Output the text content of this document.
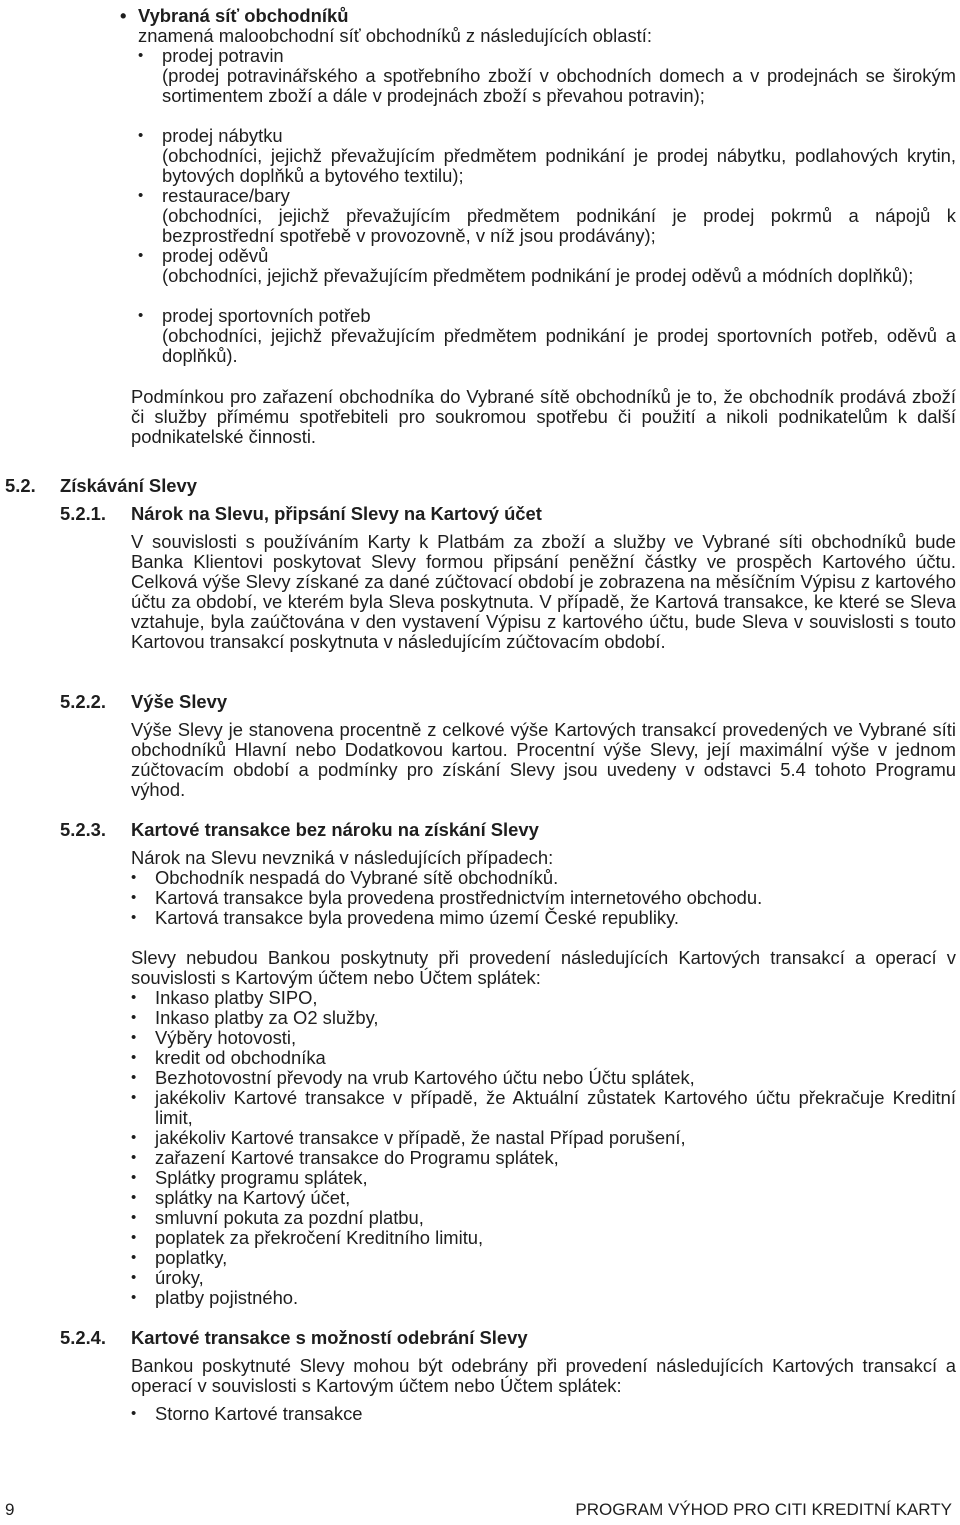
• Vybraná síť obchodníků
znamená maloobchodní síť obchodníků z následujících oblastí:
• prodej potravin
(prodej potravinářského a spotřebního zboží v obchodních domech a v prodejnách se širokým sortimentem zboží a dále v prodejnách zboží s převahou potravin);
• prodej nábytku
(obchodníci, jejichž převažujícím předmětem podnikání je prodej nábytku, podlahových krytin, bytových doplňků a bytového textilu);
• restaurace/bary
(obchodníci, jejichž převažujícím předmětem podnikání je prodej pokrmů a nápojů k bezprostřední spotřebě v provozovně, v níž jsou prodávány);
• prodej oděvů
(obchodníci, jejichž převažujícím předmětem podnikání je prodej oděvů a módních doplňků);
• prodej sportovních potřeb
(obchodníci, jejichž převažujícím předmětem podnikání je prodej sportovních potřeb, oděvů a doplňků).

Podmínkou pro zařazení obchodníka do Vybrané sítě obchodníků je to, že obchodník prodává zboží či služby přímému spotřebiteli pro soukromou spotřebu či použití a nikoli podnikatelům k další podnikatelské činnosti.

5.2. Získávání Slevy
5.2.1. Nárok na Slevu, připsání Slevy na Kartový účet

V souvislosti s používáním Karty k Platbám za zboží a služby ve Vybrané síti obchodníků bude Banka Klientovi poskytovat Slevy formou připsání peněžní částky ve prospěch Kartového účtu. Celková výše Slevy získané za dané zúčtovací období je zobrazena na měsíčním Výpisu z kartového účtu za období, ve kterém byla Sleva poskytnuta. V případě, že Kartová transakce, ke které se Sleva vztahuje, byla zaúčtována v den vystavení Výpisu z kartového účtu, bude Sleva v souvislosti s touto Kartovou transakcí poskytnuta v následujícím zúčtovacím období.

5.2.2. Výše Slevy

Výše Slevy je stanovena procentně z celkové výše Kartových transakcí provedených ve Vybrané síti obchodníků Hlavní nebo Dodatkovou kartou. Procentní výše Slevy, její maximální výše v jednom zúčtovacím období a podmínky pro získání Slevy jsou uvedeny v odstavci 5.4 tohoto Programu výhod.

5.2.3. Kartové transakce bez nároku na získání Slevy
Nárok na Slevu nevzniká v následujících případech:
• Obchodník nespadá do Vybrané sítě obchodníků.
• Kartová transakce byla provedena prostřednictvím internetového obchodu.
• Kartová transakce byla provedena mimo území České republiky.

Slevy nebudou Bankou poskytnuty při provedení následujících Kartových transakcí a operací v souvislosti s Kartovým účtem nebo Účtem splátek:

• Inkaso platby SIPO,
• Inkaso platby za O2 služby,
• Výběry hotovosti,
• kredit od obchodníka
• Bezhotovostní převody na vrub Kartového účtu nebo Účtu splátek,
• jakékoliv Kartové transakce v případě, že Aktuální zůstatek Kartového účtu překračuje Kreditní limit,
• jakékoliv Kartové transakce v případě, že nastal Případ porušení,
• zařazení Kartové transakce do Programu splátek,
• Splátky programu splátek,
• splátky na Kartový účet,
• smluvní pokuta za pozdní platbu,
• poplatek za překročení Kreditního limitu,
• poplatky,
• úroky,
• platby pojistného.
5.2.4. Kartové transakce s možností odebrání Slevy

Bankou poskytnuté Slevy mohou být odebrány při provedení následujících Kartových transakcí a operací v souvislosti s Kartovým účtem nebo Účtem splátek:

• Storno Kartové transakce
9	PROGRAM VÝHOD PRO CITI KREDITNÍ KARTY
